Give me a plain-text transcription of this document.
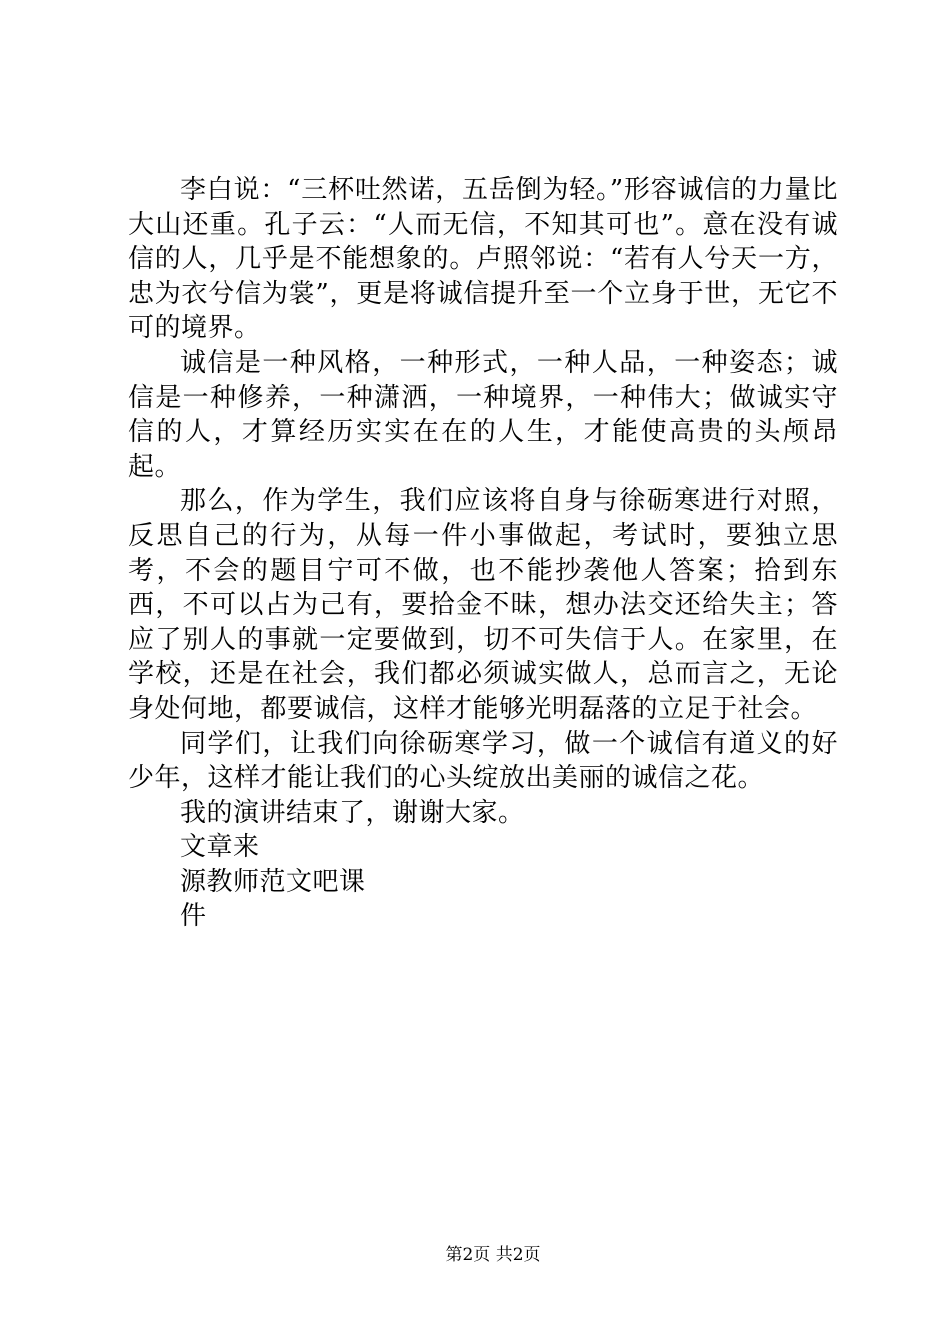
李白说：“三杯吐然诺，五岳倒为轻。”形容诚信的力量比大山还重。孔子云：“人而无信，不知其可也”。意在没有诚信的人，几乎是不能想象的。卢照邻说：“若有人兮天一方，忠为衣兮信为裳”，更是将诚信提升至一个立身于世，无它不可的境界。

诚信是一种风格，一种形式，一种人品，一种姿态；诚信是一种修养，一种潇洒，一种境界，一种伟大；做诚实守信的人，才算经历实实在在的人生，才能使高贵的头颅昂起。

那么，作为学生，我们应该将自身与徐砺寒进行对照，反思自己的行为，从每一件小事做起，考试时，要独立思考，不会的题目宁可不做，也不能抄袭他人答案；拾到东西，不可以占为己有，要拾金不昧，想办法交还给失主；答应了别人的事就一定要做到，切不可失信于人。在家里，在学校，还是在社会，我们都必须诚实做人，总而言之，无论身处何地，都要诚信，这样才能够光明磊落的立足于社会。

同学们，让我们向徐砺寒学习，做一个诚信有道义的好少年，这样才能让我们的心头绽放出美丽的诚信之花。

我的演讲结束了，谢谢大家。

文章来

源教师范文吧课

件

第2页 共2页
